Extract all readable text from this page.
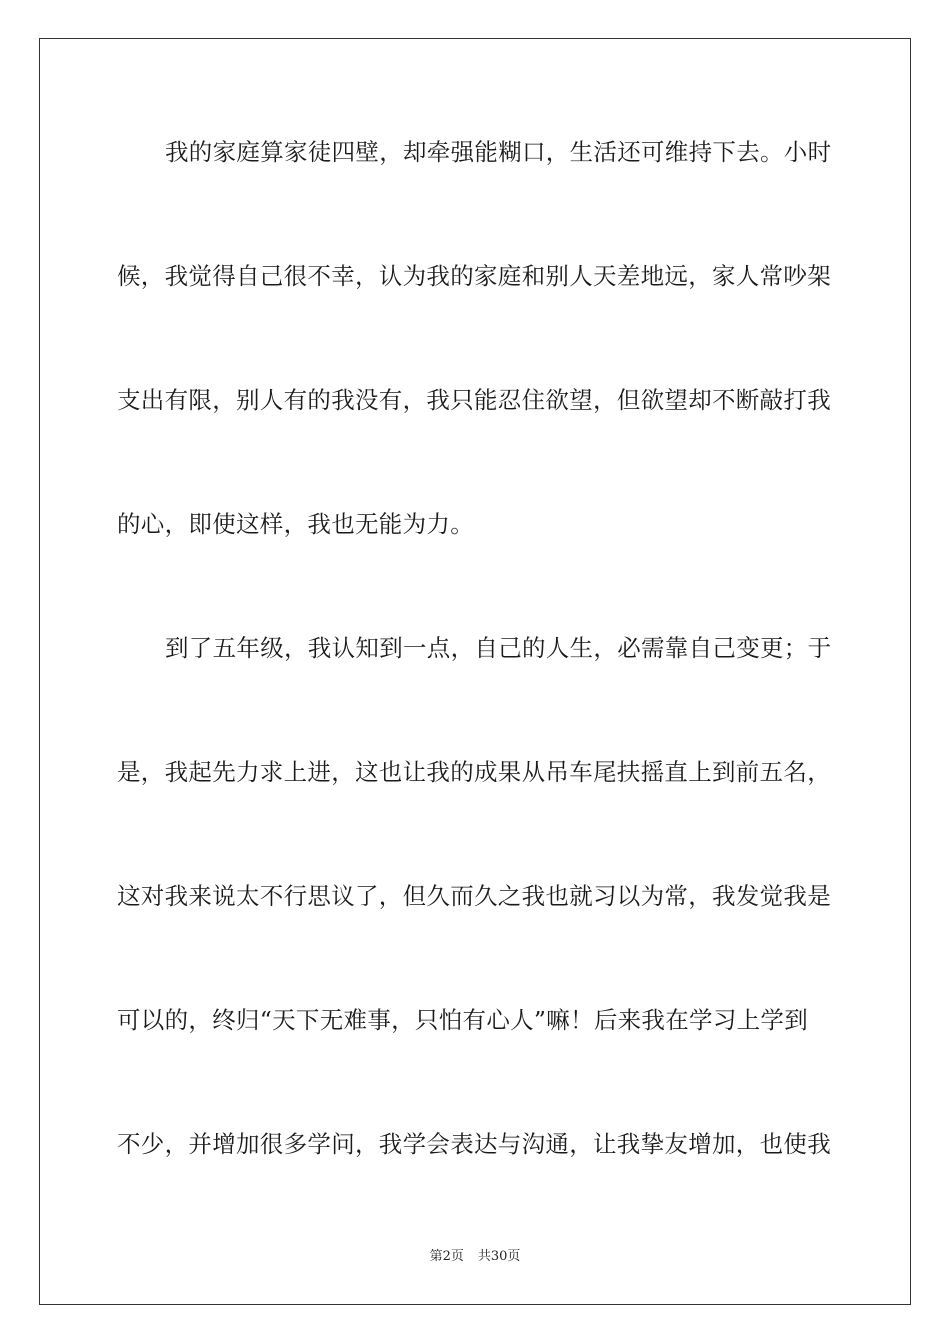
我的家庭算家徒四壁，却牵强能糊口，生活还可维持下去。小时
候，我觉得自己很不幸，认为我的家庭和别人天差地远，家人常吵架
支出有限，别人有的我没有，我只能忍住欲望，但欲望却不断敲打我
的心，即使这样，我也无能为力。
到了五年级，我认知到一点，自己的人生，必需靠自己变更；于
是，我起先力求上进，这也让我的成果从吊车尾扶摇直上到前五名，
这对我来说太不行思议了，但久而久之我也就习以为常，我发觉我是
可以的，终归“天下无难事，只怕有心人”嘛！后来我在学习上学到
不少，并增加很多学问，我学会表达与沟通，让我挚友增加，也使我
第2页 共30页
